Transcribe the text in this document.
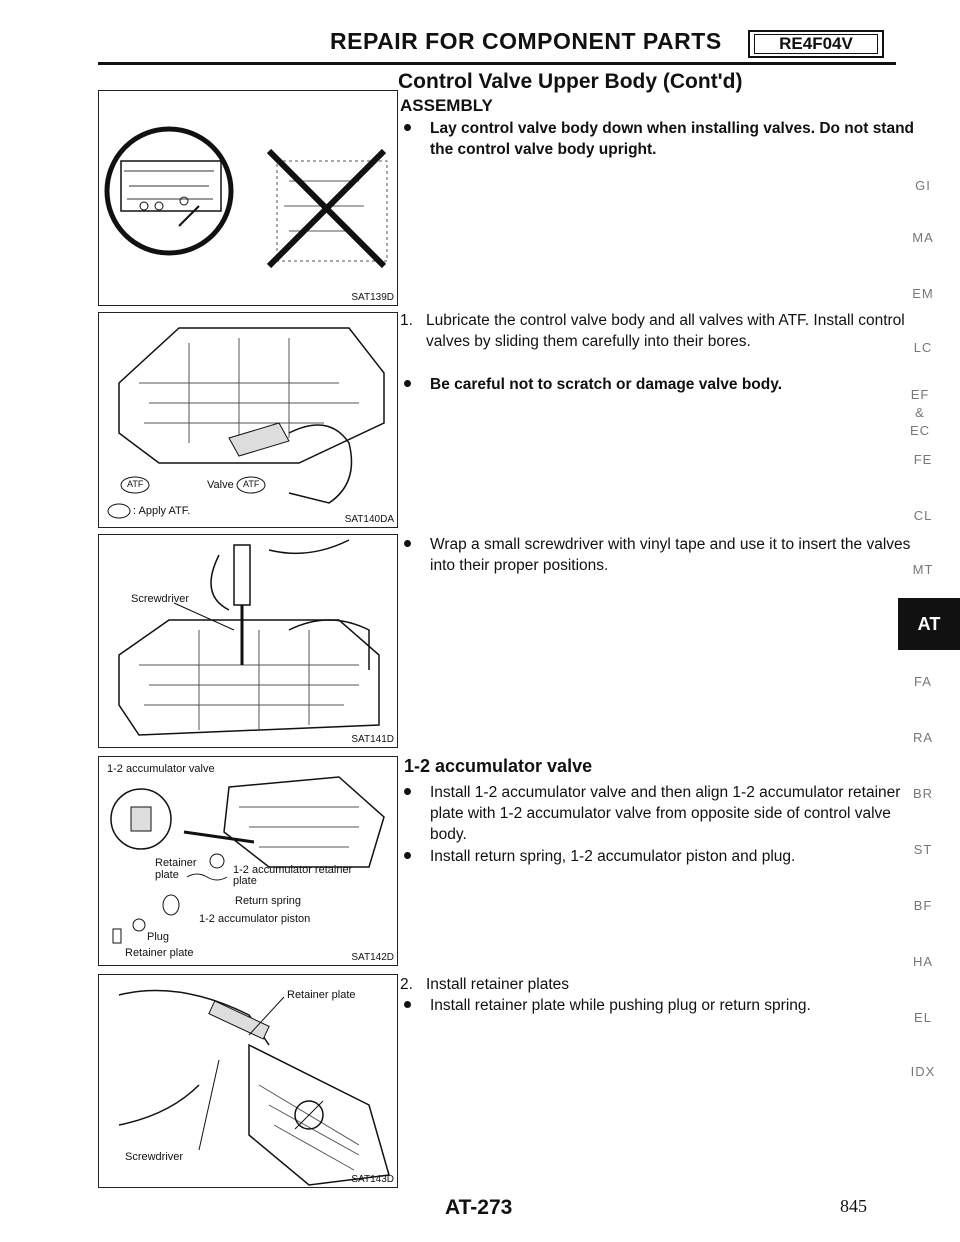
REPAIR FOR COMPONENT PARTS	RE4F04V
Control Valve Upper Body (Cont'd)
ASSEMBLY
Lay control valve body down when installing valves. Do not stand the control valve body upright.
1. Lubricate the control valve body and all valves with ATF. Install control valves by sliding them carefully into their bores.
Be careful not to scratch or damage valve body.
Wrap a small screwdriver with vinyl tape and use it to insert the valves into their proper positions.
1-2 accumulator valve
Install 1-2 accumulator valve and then align 1-2 accumulator retainer plate with 1-2 accumulator valve from opposite side of control valve body.
Install return spring, 1-2 accumulator piston and plug.
2. Install retainer plates
Install retainer plate while pushing plug or return spring.
SAT139D
ATF	Valve ATF
: Apply ATF.
SAT140DA
Screwdriver
SAT141D
1-2 accumulator valve
Retainer plate	1-2 accumulator retainer plate
Return spring
1-2 accumulator piston
Plug
Retainer plate	SAT142D
Retainer plate
Screwdriver
SAT143D
GI
MA
EM
LC
EF & EC
FE
CL
MT
AT
FA
RA
BR
ST
BF
HA
EL
IDX
AT-273	845
